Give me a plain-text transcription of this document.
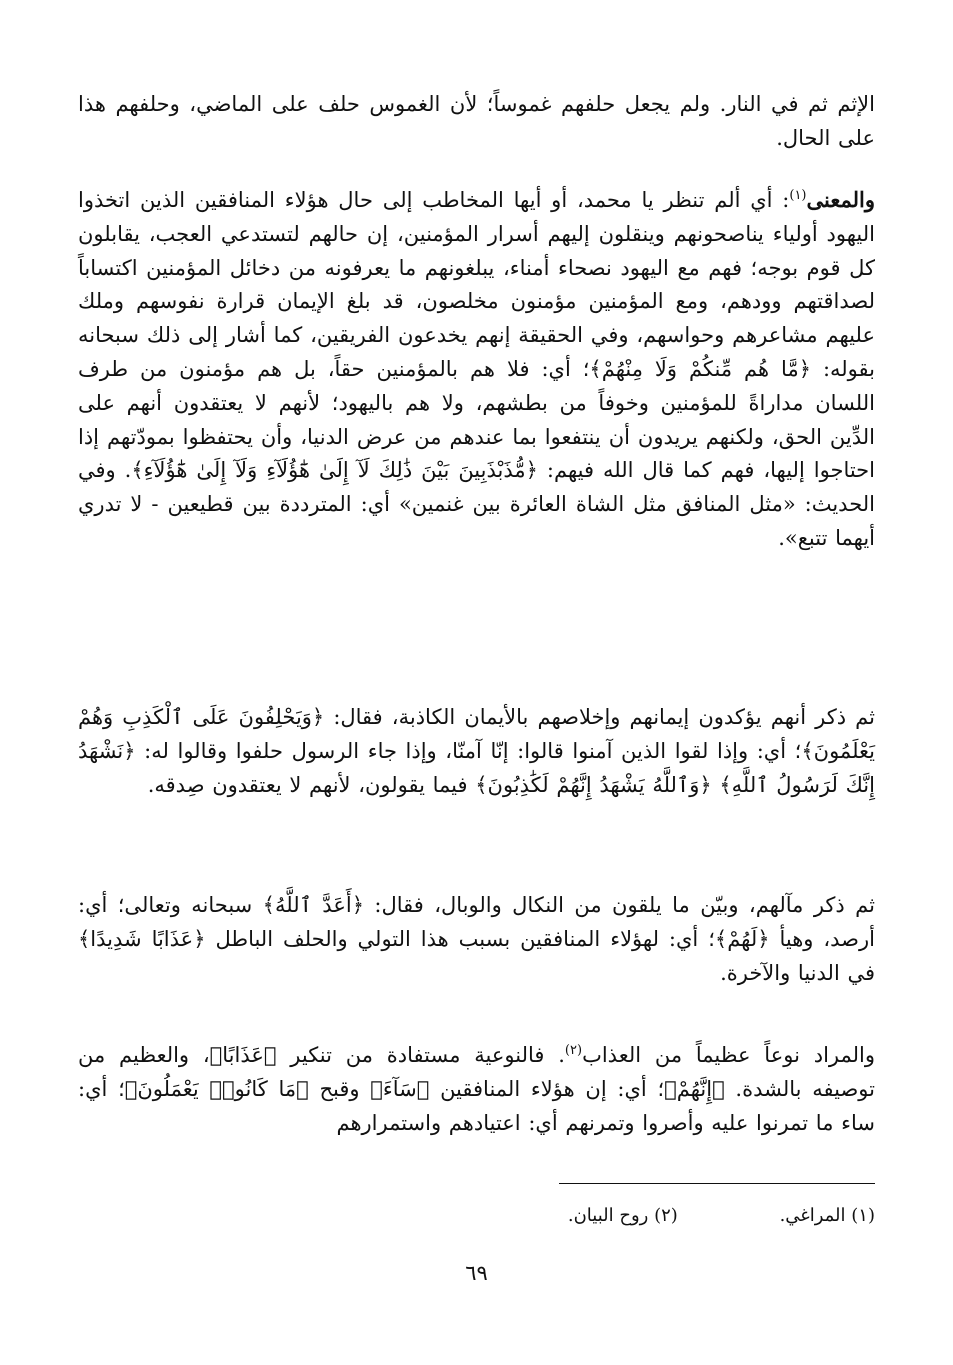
الإثم ثم في النار. ولم يجعل حلفهم غموساً؛ لأن الغموس حلف على الماضي، وحلفهم هذا على الحال.

والمعنى$^{(١)}$: أي ألم تنظر يا محمد، أو أيها المخاطب إلى حال هؤلاء المنافقين الذين اتخذوا اليهود أولياء يناصحونهم وينقلون إليهم أسرار المؤمنين، إن حالهم لتستدعي العجب، يقابلون كل قوم بوجه؛ فهم مع اليهود نصحاء أمناء، يبلغونهم ما يعرفونه من دخائل المؤمنين اكتساباً لصداقتهم وودهم، ومع المؤمنين مؤمنون مخلصون، قد بلغ الإيمان قرارة نفوسهم وملك عليهم مشاعرهم وحواسهم، وفي الحقيقة إنهم يخدعون الفريقين، كما أشار إلى ذلك سبحانه بقوله: ﴿مَّا هُم مِّنكُمْ وَلَا مِنْهُمْ﴾؛ أي: فلا هم بالمؤمنين حقاً، بل هم مؤمنون من طرف اللسان مداراةً للمؤمنين وخوفاً من بطشهم، ولا هم باليهود؛ لأنهم لا يعتقدون أنهم على الدِّين الحق، ولكنهم يريدون أن ينتفعوا بما عندهم من عرض الدنيا، وأن يحتفظوا بمودّتهم إذا احتاجوا إليها، فهم كما قال الله فيهم: ﴿مُّذَبْذَبِينَ بَيْنَ ذَٰلِكَ لَآ إِلَىٰ هَٰٓؤُلَآءِ وَلَآ إِلَىٰ هَٰٓؤُلَآءِ﴾. وفي الحديث: «مثل المنافق مثل الشاة العائرة بين غنمين» أي: المترددة بين قطيعين - لا تدري أيهما تتبع».

ثم ذكر أنهم يؤكدون إيمانهم وإخلاصهم بالأيمان الكاذبة، فقال: ﴿وَيَحْلِفُونَ عَلَى ٱلْكَذِبِ وَهُمْ يَعْلَمُونَ﴾؛ أي: وإذا لقوا الذين آمنوا قالوا: إنّا آمنّا، وإذا جاء الرسول حلفوا وقالوا له: ﴿نَشْهَدُ إِنَّكَ لَرَسُولُ ٱللَّهِ﴾ ﴿وَٱللَّهُ يَشْهَدُ إِنَّهُمْ لَكَٰذِبُونَ﴾ فيما يقولون، لأنهم لا يعتقدون صِدقه.

ثم ذكر مآلهم، وبيّن ما يلقون من النكال والوبال، فقال: ﴿أَعَدَّ ٱللَّهُ﴾ سبحانه وتعالى؛ أي: أرصد، وهيأ ﴿لَهُمْ﴾؛ أي: لهؤلاء المنافقين بسبب هذا التولي والحلف الباطل ﴿عَذَابًا شَدِيدًا﴾ في الدنيا والآخرة.

والمراد نوعاً عظيماً من العذاب$^{(٢)}$. فالنوعية مستفادة من تنكير ﴿عَذَابًا﴾، والعظيم من توصيفه بالشدة. ﴿إِنَّهُمْ﴾؛ أي: إن هؤلاء المنافقين ﴿سَآءَ﴾ وقبح ﴿مَا كَانُوا۟ يَعْمَلُونَ﴾؛ أي: ساء ما تمرنوا عليه وأصروا وتمرنهم أي: اعتيادهم واستمرارهم

(١) المراغي. (٢) روح البيان.
٦٩
